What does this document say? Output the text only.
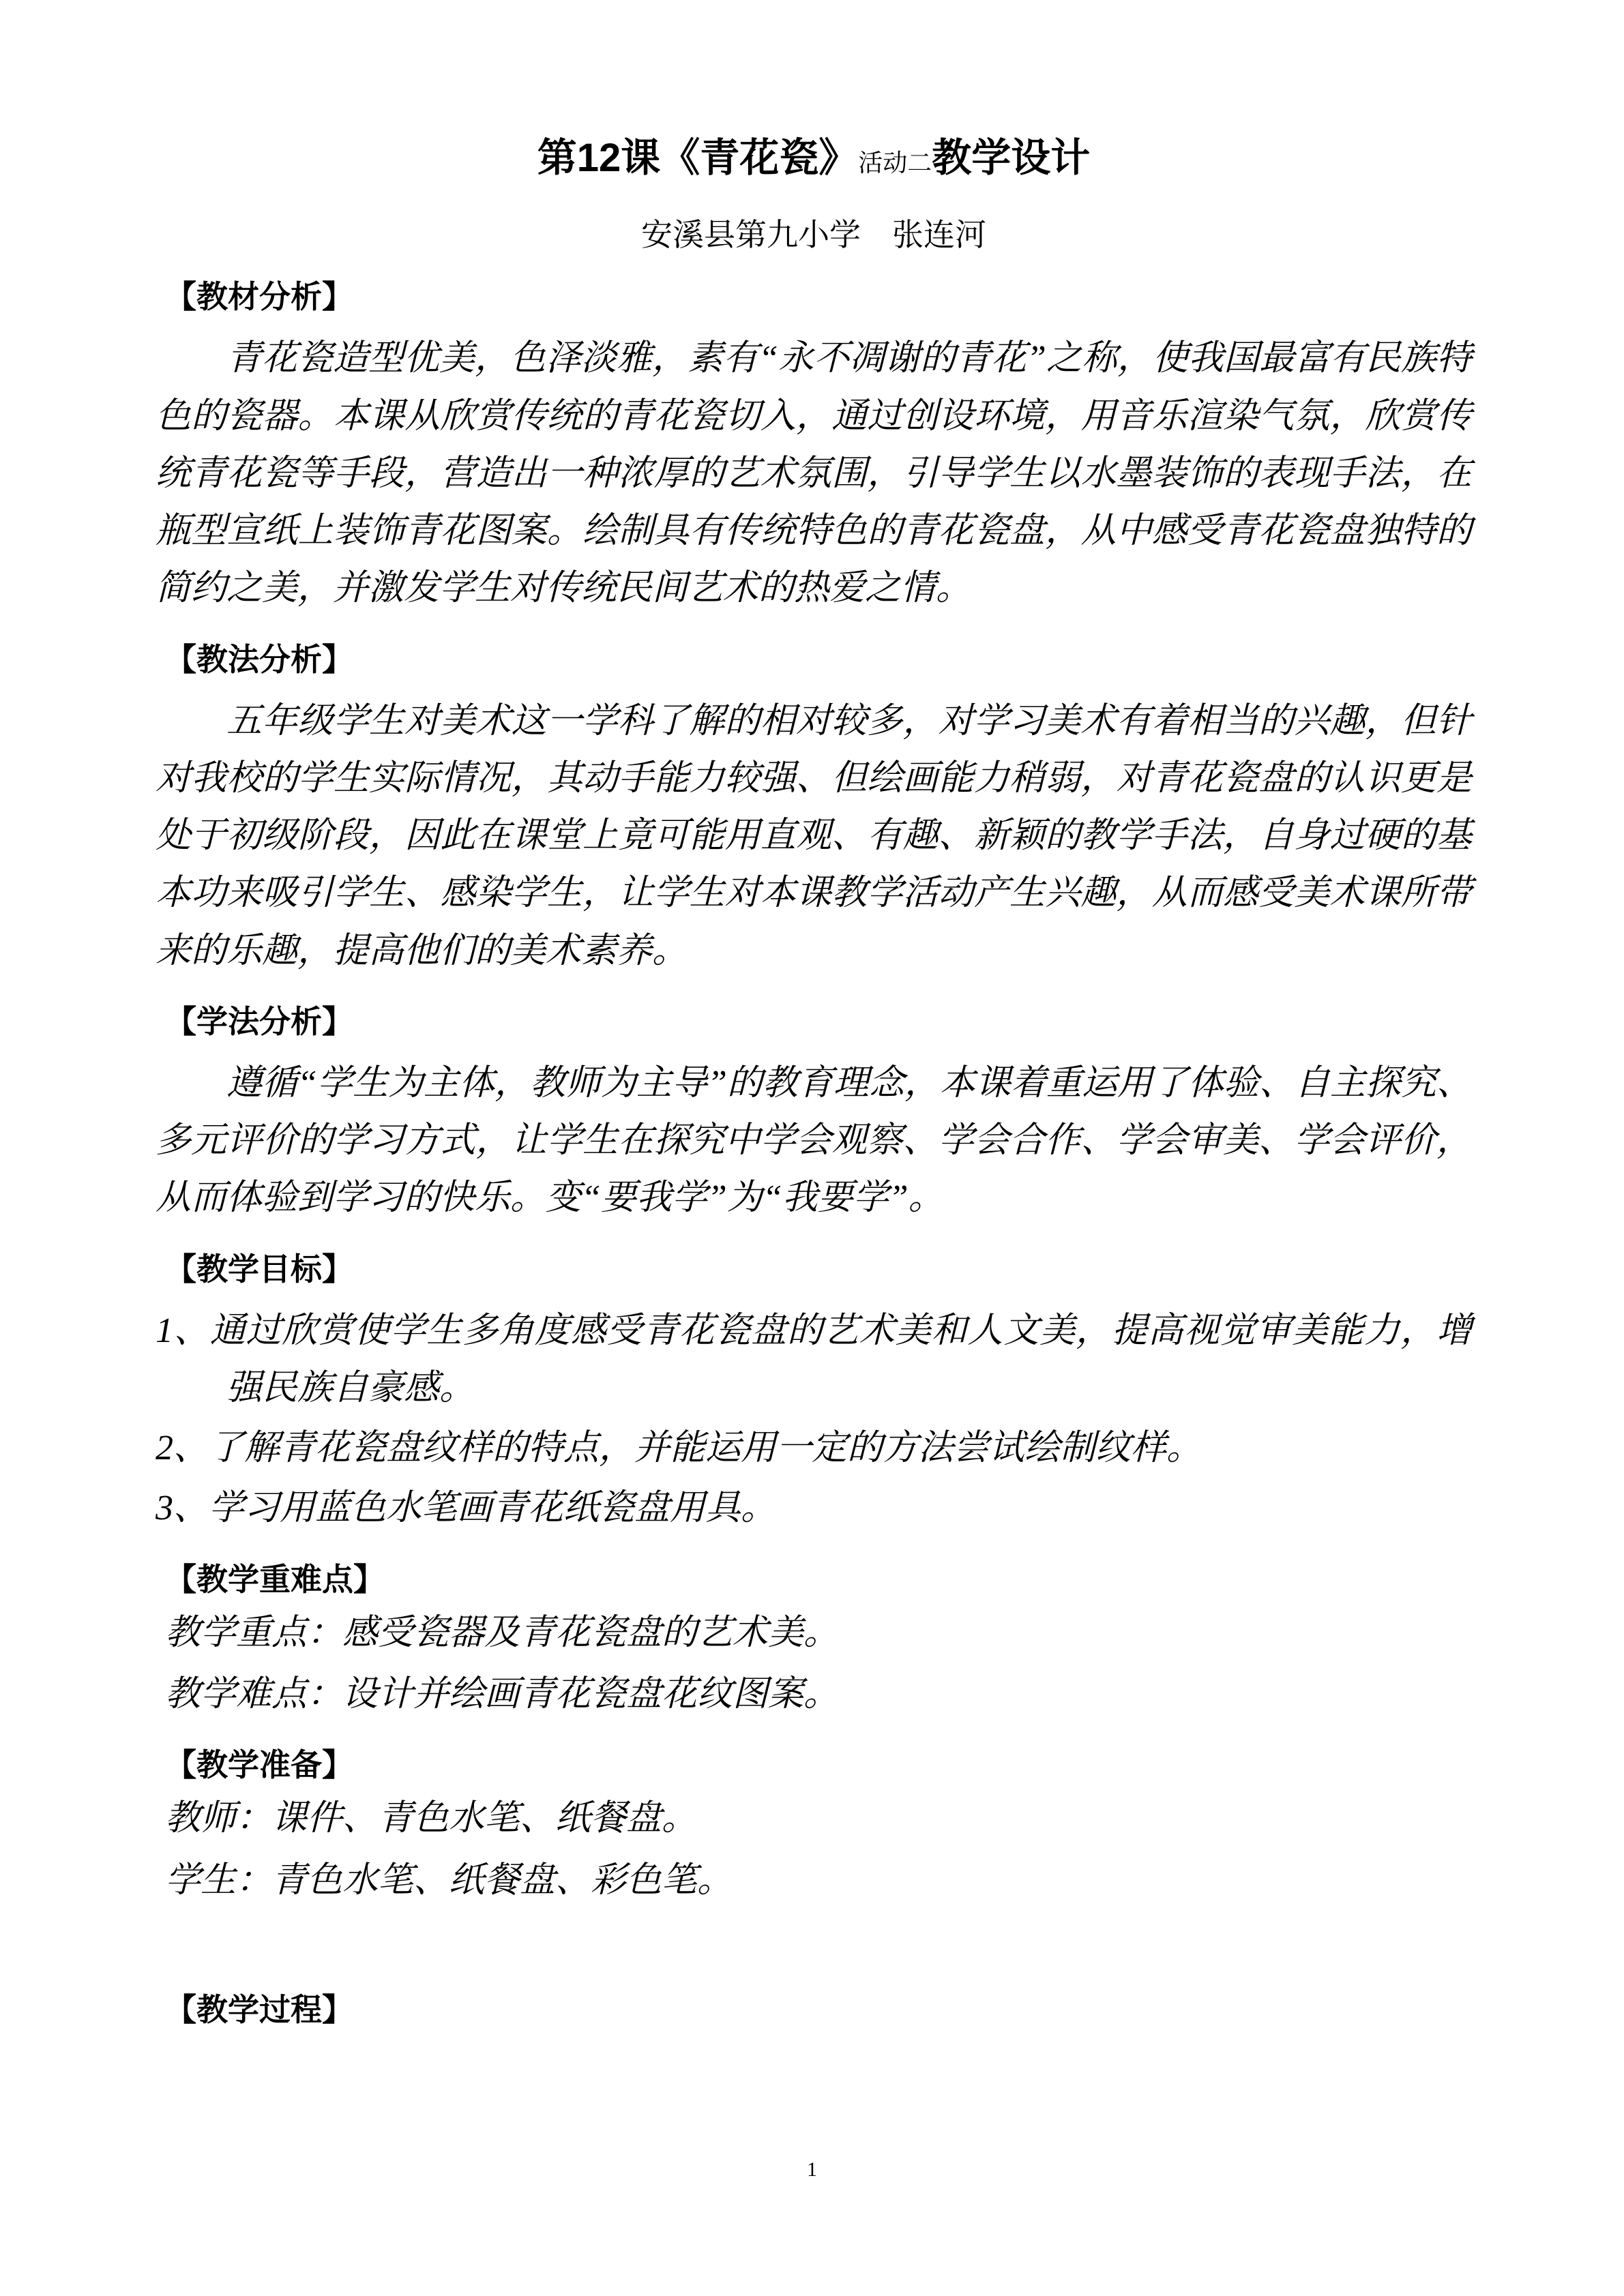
第12课《青花瓷》活动二教学设计
安溪县第九小学　张连河
【教材分析】

青花瓷造型优美，色泽淡雅，素有“永不凋谢的青花”之称，使我国最富有民族特色的瓷器。本课从欣赏传统的青花瓷切入，通过创设环境，用音乐渲染气氛，欣赏传统青花瓷等手段，营造出一种浓厚的艺术氛围，引导学生以水墨装饰的表现手法，在瓶型宣纸上装饰青花图案。绘制具有传统特色的青花瓷盘，从中感受青花瓷盘独特的简约之美，并激发学生对传统民间艺术的热爱之情。

【教法分析】

五年级学生对美术这一学科了解的相对较多，对学习美术有着相当的兴趣，但针对我校的学生实际情况，其动手能力较强、但绘画能力稍弱，对青花瓷盘的认识更是处于初级阶段，因此在课堂上竟可能用直观、有趣、新颖的教学手法，自身过硬的基本功来吸引学生、感染学生，让学生对本课教学活动产生兴趣，从而感受美术课所带来的乐趣，提高他们的美术素养。

【学法分析】

遵循“学生为主体，教师为主导”的教育理念，本课着重运用了体验、自主探究、多元评价的学习方式，让学生在探究中学会观察、学会合作、学会审美、学会评价，从而体验到学习的快乐。变“要我学”为“我要学”。

【教学目标】
1、通过欣赏使学生多角度感受青花瓷盘的艺术美和人文美，提高视觉审美能力，增强民族自豪感。
2、了解青花瓷盘纹样的特点，并能运用一定的方法尝试绘制纹样。
3、学习用蓝色水笔画青花纸瓷盘用具。
【教学重难点】
教学重点：感受瓷器及青花瓷盘的艺术美。
教学难点：设计并绘画青花瓷盘花纹图案。
【教学准备】
教师：课件、青色水笔、纸餐盘。
学生：青色水笔、纸餐盘、彩色笔。
【教学过程】
1
